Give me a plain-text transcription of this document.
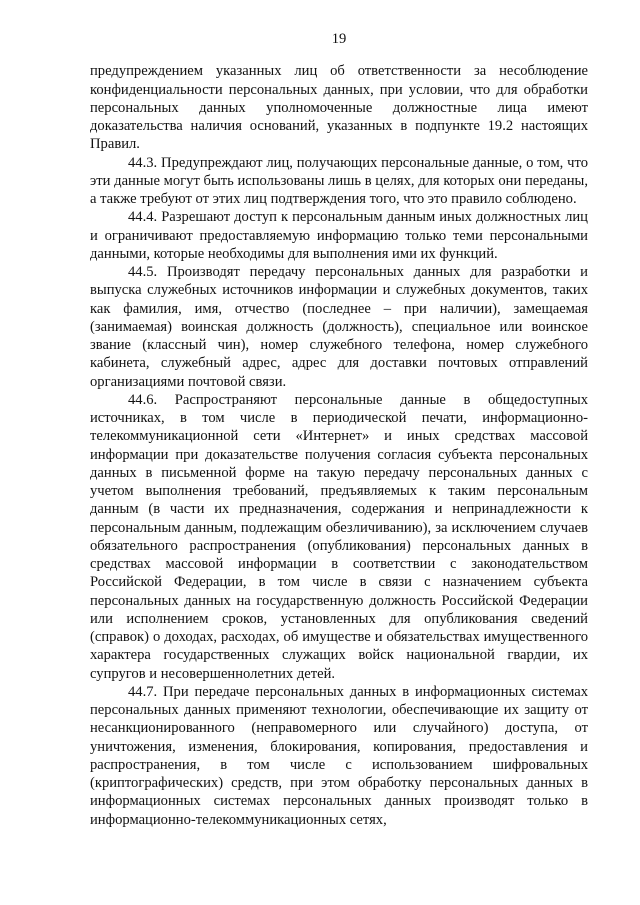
19

предупреждением указанных лиц об ответственности за несоблюдение конфиденциальности персональных данных, при условии, что для обработки персональных данных уполномоченные должностные лица имеют доказательства наличия оснований, указанных в подпункте 19.2 настоящих Правил.

44.3. Предупреждают лиц, получающих персональные данные, о том, что эти данные могут быть использованы лишь в целях, для которых они переданы, а также требуют от этих лиц подтверждения того, что это правило соблюдено.

44.4. Разрешают доступ к персональным данным иных должностных лиц и ограничивают предоставляемую информацию только теми персональными данными, которые необходимы для выполнения ими их функций.

44.5. Производят передачу персональных данных для разработки и выпуска служебных источников информации и служебных документов, таких как фамилия, имя, отчество (последнее – при наличии), замещаемая (занимаемая) воинская должность (должность), специальное или воинское звание (классный чин), номер служебного телефона, номер служебного кабинета, служебный адрес, адрес для доставки почтовых отправлений организациями почтовой связи.

44.6. Распространяют персональные данные в общедоступных источниках, в том числе в периодической печати, информационно-телекоммуникационной сети «Интернет» и иных средствах массовой информации при доказательстве получения согласия субъекта персональных данных в письменной форме на такую передачу персональных данных с учетом выполнения требований, предъявляемых к таким персональным данным (в части их предназначения, содержания и непринадлежности к персональным данным, подлежащим обезличиванию), за исключением случаев обязательного распространения (опубликования) персональных данных в средствах массовой информации в соответствии с законодательством Российской Федерации, в том числе в связи с назначением субъекта персональных данных на государственную должность Российской Федерации или исполнением сроков, установленных для опубликования сведений (справок) о доходах, расходах, об имуществе и обязательствах имущественного характера государственных служащих войск национальной гвардии, их супругов и несовершеннолетних детей.

44.7. При передаче персональных данных в информационных системах персональных данных применяют технологии, обеспечивающие их защиту от несанкционированного (неправомерного или случайного) доступа, от уничтожения, изменения, блокирования, копирования, предоставления и распространения, в том числе с использованием шифровальных (криптографических) средств, при этом обработку персональных данных в информационных системах персональных данных производят только в информационно-телекоммуникационных сетях,
